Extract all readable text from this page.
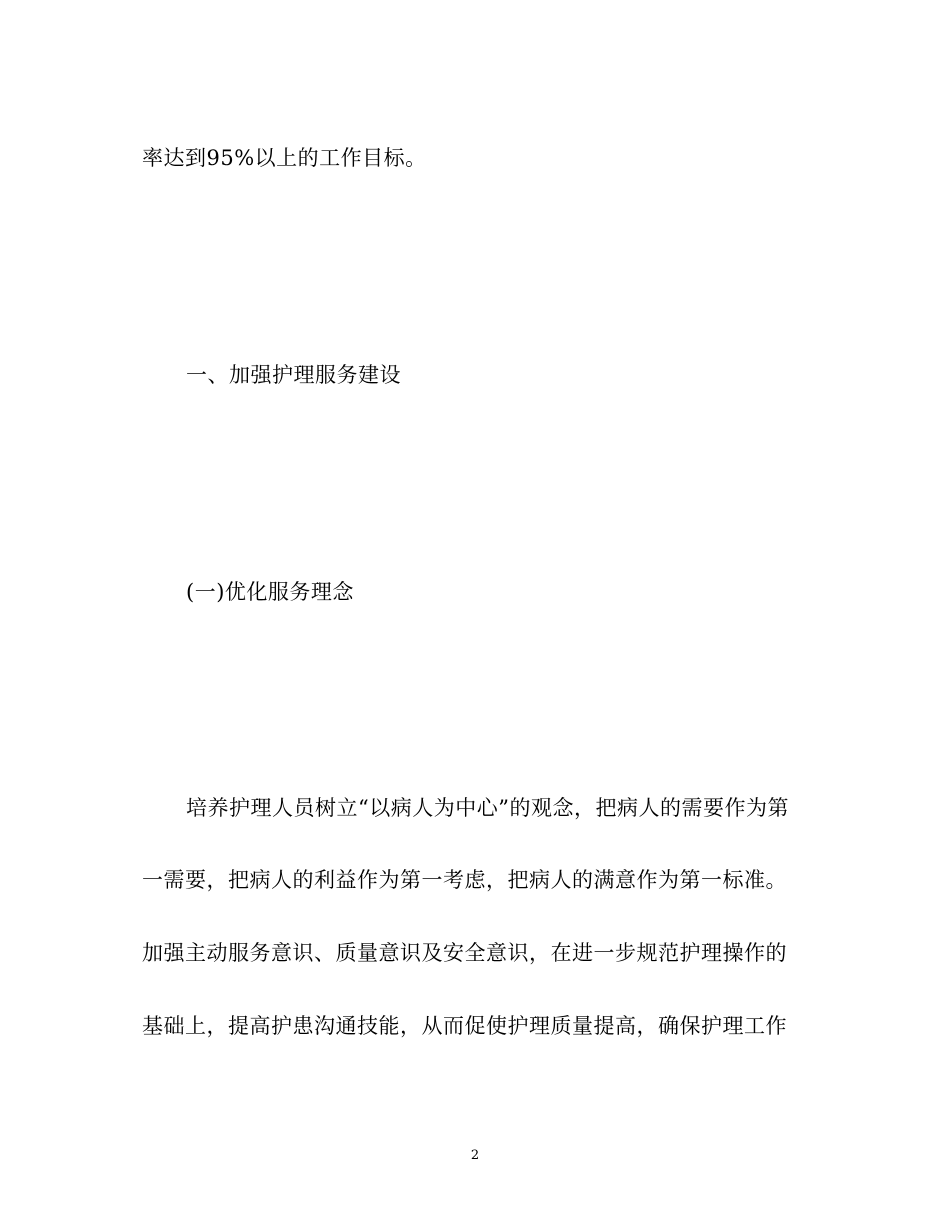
率达到95%以上的工作目标。
一、加强护理服务建设
(一)优化服务理念
培养护理人员树立“以病人为中心”的观念，把病人的需要作为第
一需要，把病人的利益作为第一考虑，把病人的满意作为第一标准。
加强主动服务意识、质量意识及安全意识，在进一步规范护理操作的
基础上，提高护患沟通技能，从而促使护理质量提高，确保护理工作
2
